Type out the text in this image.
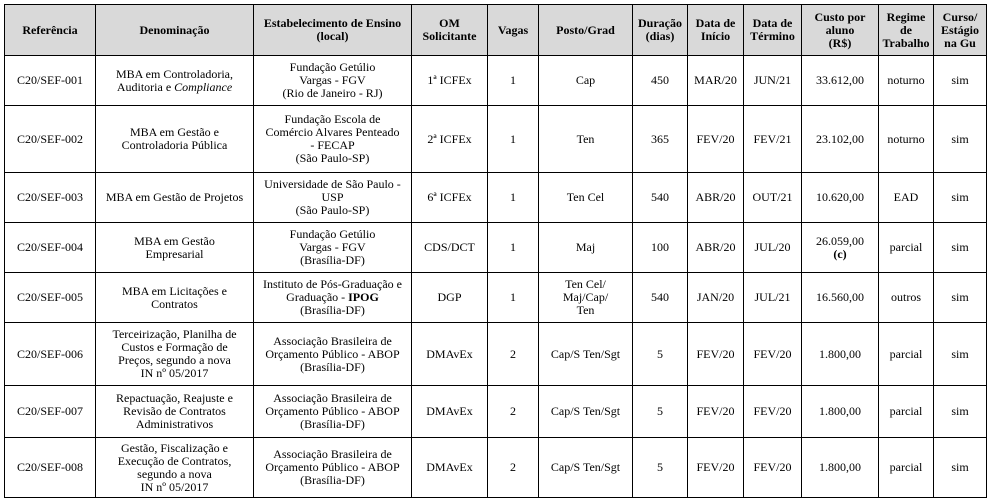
Referência	Denominação	Estabelecimento de Ensino
(local)	OM
Solicitante	Vagas	Posto/Grad	Duração
(dias)	Data de
Início	Data de
Término	Custo por
aluno
(R$)	Regime
de
Trabalho	Curso/
Estágio
na Gu
C20/SEF-001	MBA em Controladoria,
Auditoria e Compliance	Fundação Getúlio
Vargas - FGV
(Rio de Janeiro - RJ)	1ª ICFEx	1	Cap	450	MAR/20	JUN/21	33.612,00	noturno	sim
C20/SEF-002	MBA em Gestão e
Controladoria Pública	Fundação Escola de
Comércio Alvares Penteado
- FECAP
(São Paulo-SP)	2ª ICFEx	1	Ten	365	FEV/20	FEV/21	23.102,00	noturno	sim
C20/SEF-003	MBA em Gestão de Projetos	Universidade de São Paulo -
USP
(São Paulo-SP)	6ª ICFEx	1	Ten Cel	540	ABR/20	OUT/21	10.620,00	EAD	sim
C20/SEF-004	MBA em Gestão
Empresarial	Fundação Getúlio
Vargas - FGV
(Brasília-DF)	CDS/DCT	1	Maj	100	ABR/20	JUL/20	26.059,00
(c)	parcial	sim
C20/SEF-005	MBA em Licitações e
Contratos	Instituto de Pós-Graduação e
Graduação - IPOG
(Brasília-DF)	DGP	1	Ten Cel/
Maj/Cap/
Ten	540	JAN/20	JUL/21	16.560,00	outros	sim
C20/SEF-006	Terceirização, Planilha de
Custos e Formação de
Preços, segundo a nova
IN nº 05/2017	Associação Brasileira de
Orçamento Público - ABOP
(Brasília-DF)	DMAvEx	2	Cap/S Ten/Sgt	5	FEV/20	FEV/20	1.800,00	parcial	sim
C20/SEF-007	Repactuação, Reajuste e
Revisão de Contratos
Administrativos	Associação Brasileira de
Orçamento Público - ABOP
(Brasília-DF)	DMAvEx	2	Cap/S Ten/Sgt	5	FEV/20	FEV/20	1.800,00	parcial	sim
C20/SEF-008	Gestão, Fiscalização e
Execução de Contratos,
segundo a nova
IN nº 05/2017	Associação Brasileira de
Orçamento Público - ABOP
(Brasília-DF)	DMAvEx	2	Cap/S Ten/Sgt	5	FEV/20	FEV/20	1.800,00	parcial	sim
